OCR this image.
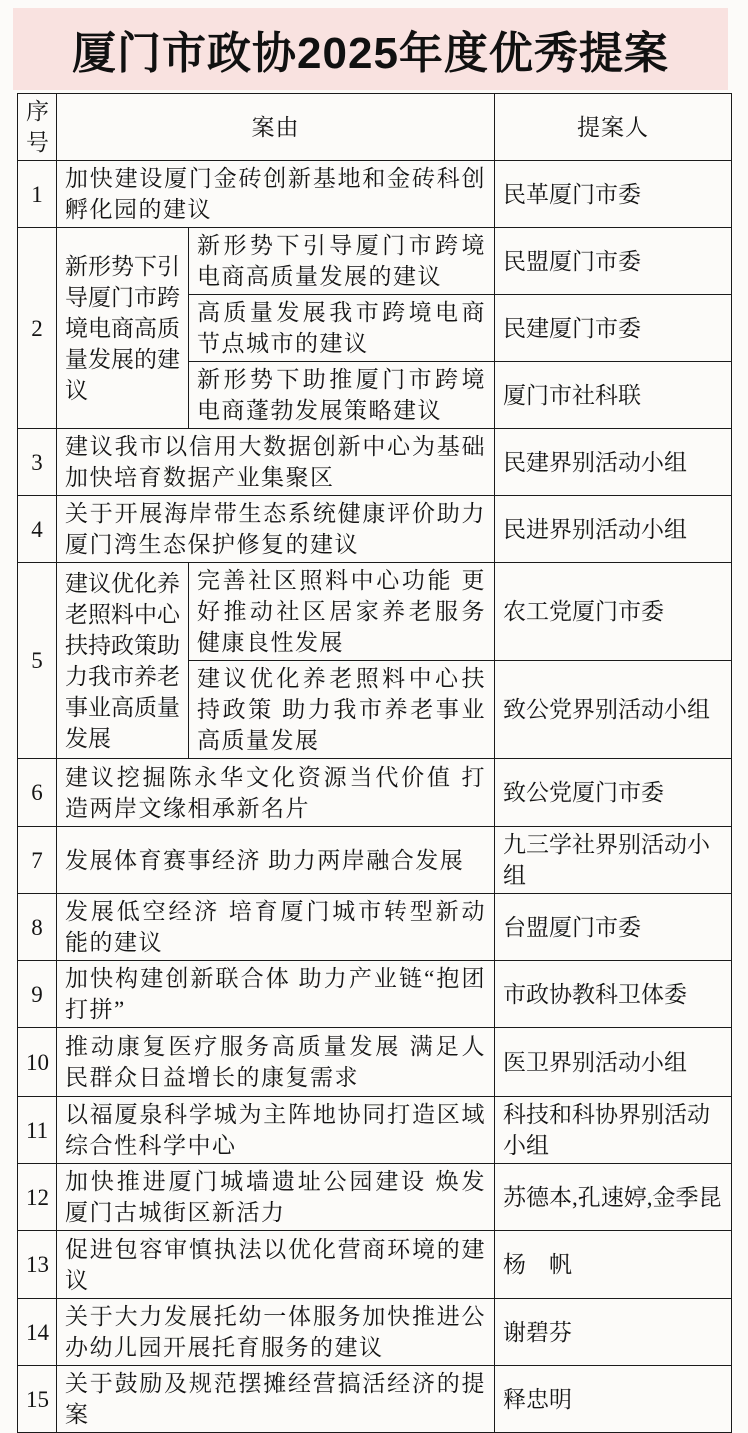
厦门市政协2025年度优秀提案
序号	案由		提案人
1	加快建设厦门金砖创新基地和金砖科创孵化园的建议		民革厦门市委
2	新形势下引导厦门市跨境电商高质量发展的建议	新形势下引导厦门市跨境电商高质量发展的建议	民盟厦门市委
		高质量发展我市跨境电商节点城市的建议	民建厦门市委
		新形势下助推厦门市跨境电商蓬勃发展策略建议	厦门市社科联
3	建议我市以信用大数据创新中心为基础加快培育数据产业集聚区		民建界别活动小组
4	关于开展海岸带生态系统健康评价助力厦门湾生态保护修复的建议		民进界别活动小组
5	建议优化养老照料中心扶持政策助力我市养老事业高质量发展	完善社区照料中心功能 更好推动社区居家养老服务健康良性发展	农工党厦门市委
		建议优化养老照料中心扶持政策 助力我市养老事业高质量发展	致公党界别活动小组
6	建议挖掘陈永华文化资源当代价值 打造两岸文缘相承新名片		致公党厦门市委
7	发展体育赛事经济 助力两岸融合发展		九三学社界别活动小组
8	发展低空经济 培育厦门城市转型新动能的建议		台盟厦门市委
9	加快构建创新联合体 助力产业链“抱团打拼”		市政协教科卫体委
10	推动康复医疗服务高质量发展 满足人民群众日益增长的康复需求		医卫界别活动小组
11	以福厦泉科学城为主阵地协同打造区域综合性科学中心		科技和科协界别活动小组
12	加快推进厦门城墙遗址公园建设 焕发厦门古城街区新活力		苏德本,孔速婷,金季昆
13	促进包容审慎执法以优化营商环境的建议		杨　帆
14	关于大力发展托幼一体服务加快推进公办幼儿园开展托育服务的建议		谢碧芬
15	关于鼓励及规范摆摊经营搞活经济的提案		释忠明
